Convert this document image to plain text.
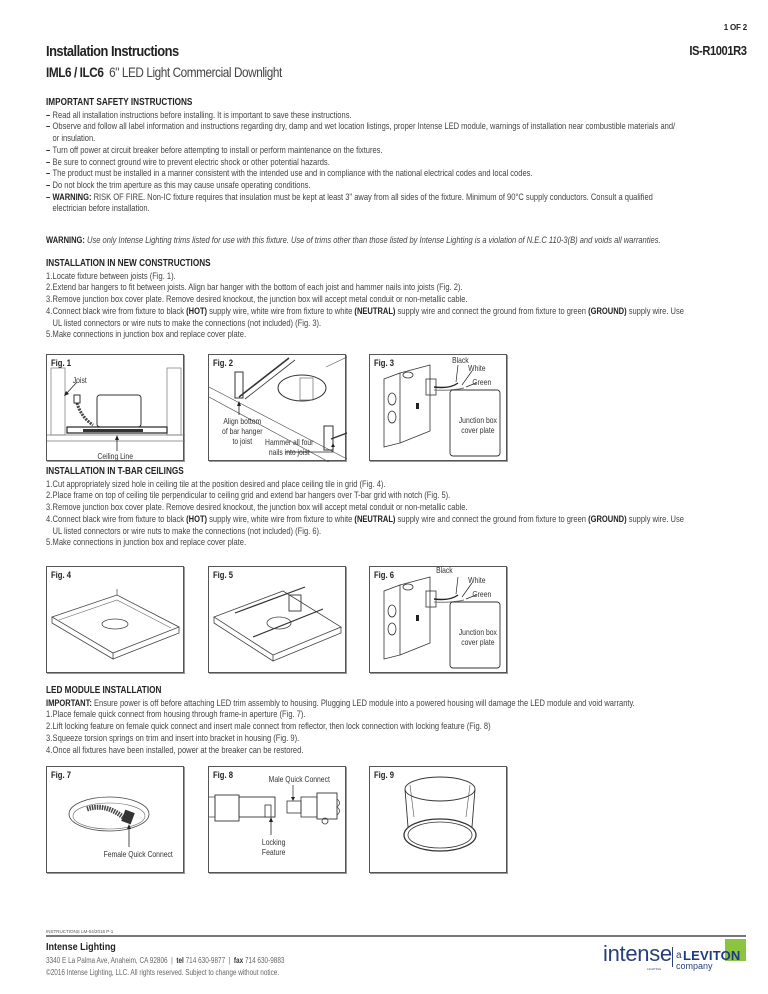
1 OF 2
Installation Instructions	IS-R1001R3
IML6 / ILC6 6" LED Light Commercial Downlight
IMPORTANT SAFETY INSTRUCTIONS
– Read all installation instructions before installing. It is important to save these instructions.
– Observe and follow all label information and instructions regarding dry, damp and wet location listings, proper Intense LED module, warnings of installation near combustible materials and/
or insulation.
– Turn off power at circuit breaker before attempting to install or perform maintenance on the fixtures.
– Be sure to connect ground wire to prevent electric shock or other potential hazards.
– The product must be installed in a manner consistent with the intended use and in compliance with the national electrical codes and local codes.
– Do not block the trim aperture as this may cause unsafe operating conditions.
– WARNING: RISK OF FIRE. Non-IC fixture requires that insulation must be kept at least 3" away from all sides of the fixture. Minimum of 90°C supply conductors. Consult a qualified
electrician before installation.
WARNING: Use only Intense Lighting trims listed for use with this fixture. Use of trims other than those listed by Intense Lighting is a violation of N.E.C 110-3(B) and voids all warranties.
INSTALLATION IN NEW CONSTRUCTIONS
1. Locate fixture between joists (Fig. 1).
2. Extend bar hangers to fit between joists. Align bar hanger with the bottom of each joist and hammer nails into joists (Fig. 2).
3. Remove junction box cover plate. Remove desired knockout, the junction box will accept metal conduit or non-metallic cable.
4. Connect black wire from fixture to black (HOT) supply wire, white wire from fixture to white (NEUTRAL) supply wire and connect the ground from fixture to green (GROUND) supply wire. Use
UL listed connectors or wire nuts to make the connections (not included) (Fig. 3).
5. Make connections in junction box and replace cover plate.
Fig. 1
Joist
Ceiling Line
Fig. 2
Align bottom
of bar hanger
to joist	Hammer all four
nails into joist
Fig. 3	Black
White
Green
Junction box
cover plate
INSTALLATION IN T-BAR CEILINGS
1. Cut appropriately sized hole in ceiling tile at the position desired and place ceiling tile in grid (Fig. 4).
2. Place frame on top of ceiling tile perpendicular to ceiling grid and extend bar hangers over T-bar grid with notch (Fig. 5).
3. Remove junction box cover plate. Remove desired knockout, the junction box will accept metal conduit or non-metallic cable.
4. Connect black wire from fixture to black (HOT) supply wire, white wire from fixture to white (NEUTRAL) supply wire and connect the ground from fixture to green (GROUND) supply wire. Use
UL listed connectors or wire nuts to make the connections (not included) (Fig. 6).
5. Make connections in junction box and replace cover plate.
Fig. 4	Fig. 5	Fig. 6	Black
White
Green
Junction box
cover plate
LED MODULE INSTALLATION
IMPORTANT: Ensure power is off before attaching LED trim assembly to housing. Plugging LED module into a powered housing will damage the LED module and void warranty.
1. Place female quick connect from housing through frame-in aperture (Fig. 7).
2. Lift locking feature on female quick connect and insert male connect from reflector, then lock connection with locking feature (Fig. 8)
3. Squeeze torsion springs on trim and insert into bracket in housing (Fig. 9).
4. Once all fixtures have been installed, power at the breaker can be restored.
Fig. 7
Female Quick Connect
Fig. 8	Male Quick Connect
Locking
Feature
Fig. 9
INSTRUCTIONS LM-04/2016 P-1
Intense Lighting
3340 E La Palma Ave, Anaheim, CA 92806 | tel 714 630-9877 | fax 714 630-9883
©2016 Intense Lighting, LLC. All rights reserved. Subject to change without notice.
intense
LIGHTING
a LEVITON
company
